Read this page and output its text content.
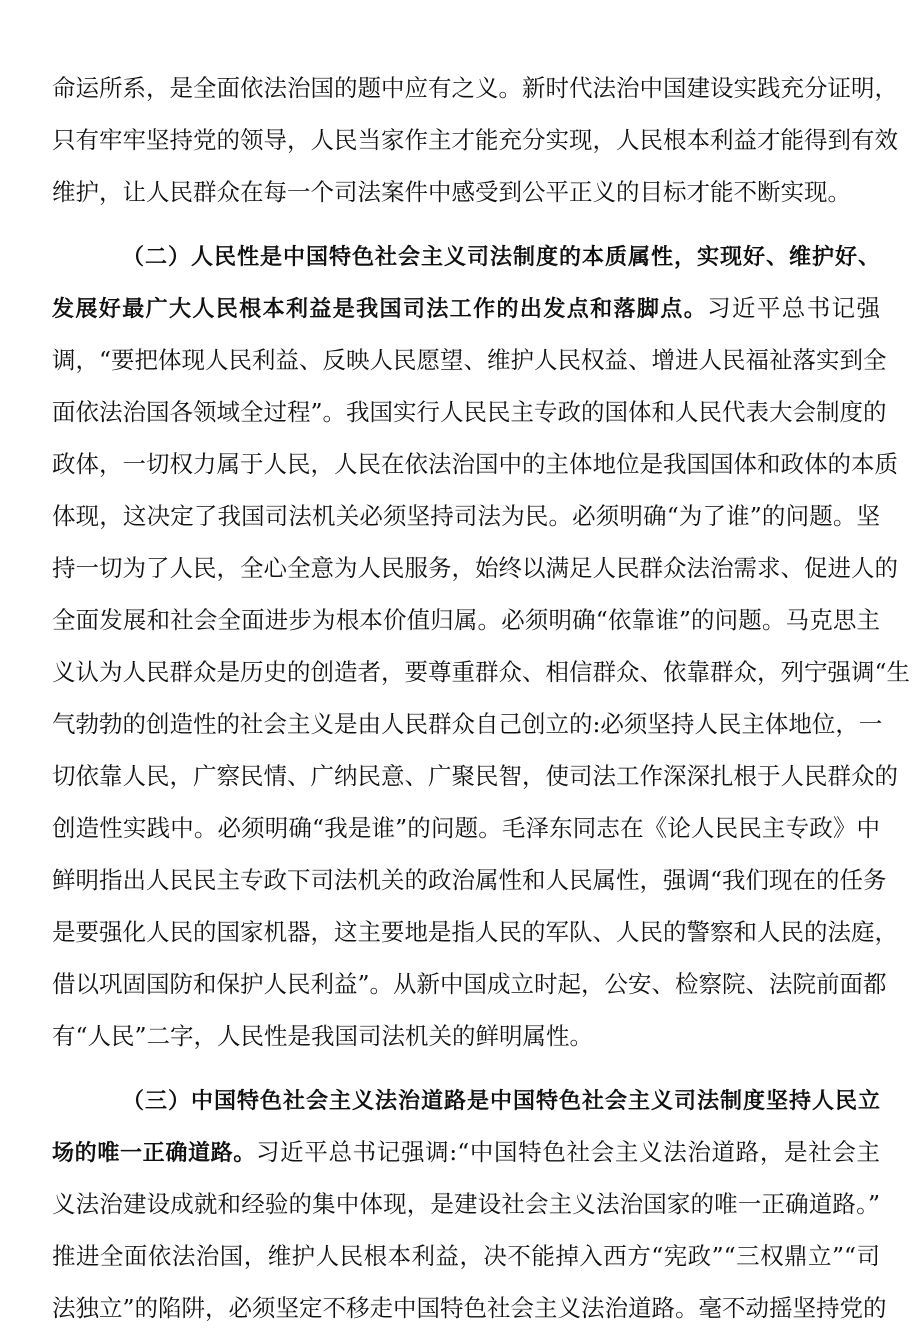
命运所系，是全面依法治国的题中应有之义。新时代法治中国建设实践充分证明，
只有牢牢坚持党的领导，人民当家作主才能充分实现，人民根本利益才能得到有效
维护，让人民群众在每一个司法案件中感受到公平正义的目标才能不断实现。
（二）人民性是中国特色社会主义司法制度的本质属性，实现好、维护好、
发展好最广大人民根本利益是我国司法工作的出发点和落脚点。习近平总书记强
调，“要把体现人民利益、反映人民愿望、维护人民权益、增进人民福祉落实到全
面依法治国各领域全过程”。我国实行人民民主专政的国体和人民代表大会制度的
政体，一切权力属于人民，人民在依法治国中的主体地位是我国国体和政体的本质
体现，这决定了我国司法机关必须坚持司法为民。必须明确“为了谁”的问题。坚
持一切为了人民，全心全意为人民服务，始终以满足人民群众法治需求、促进人的
全面发展和社会全面进步为根本价值归属。必须明确“依靠谁”的问题。马克思主
义认为人民群众是历史的创造者，要尊重群众、相信群众、依靠群众，列宁强调“生
气勃勃的创造性的社会主义是由人民群众自己创立的:必须坚持人民主体地位，一
切依靠人民，广察民情、广纳民意、广聚民智，使司法工作深深扎根于人民群众的
创造性实践中。必须明确“我是谁”的问题。毛泽东同志在《论人民民主专政》中
鲜明指出人民民主专政下司法机关的政治属性和人民属性，强调“我们现在的任务
是要强化人民的国家机器，这主要地是指人民的军队、人民的警察和人民的法庭，
借以巩固国防和保护人民利益”。从新中国成立时起，公安、检察院、法院前面都
有“人民”二字，人民性是我国司法机关的鲜明属性。
（三）中国特色社会主义法治道路是中国特色社会主义司法制度坚持人民立
场的唯一正确道路。习近平总书记强调:“中国特色社会主义法治道路，是社会主
义法治建设成就和经验的集中体现，是建设社会主义法治国家的唯一正确道路。”
推进全面依法治国，维护人民根本利益，决不能掉入西方“宪政”“三权鼎立”“司
法独立”的陷阱，必须坚定不移走中国特色社会主义法治道路。毫不动摇坚持党的
